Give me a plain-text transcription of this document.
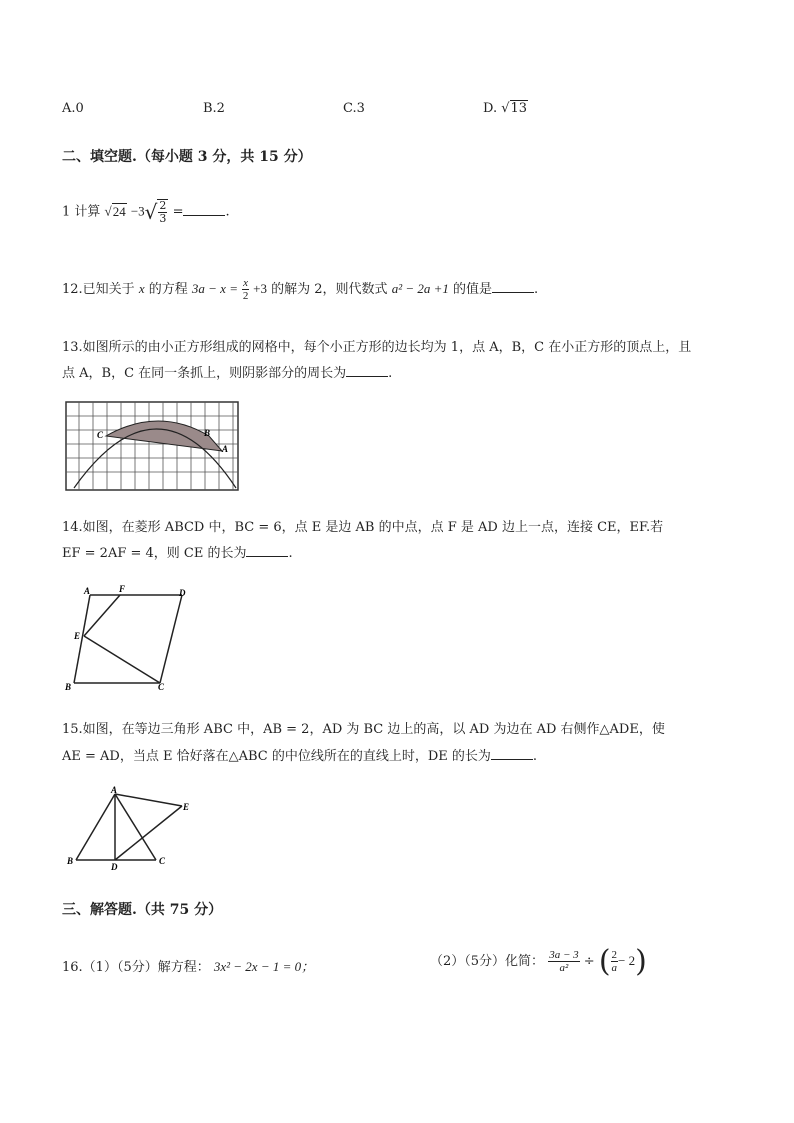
A.0	B.2	C.3	D. √13
二、填空题.（每小题 3 分，共 15 分）
1 计算 $√24 -3√ \frac{2}{3}$ =	.
12.已知关于 x 的方程 $3a - x = \frac{x}{2} +3$ 的解为 2，则代数式 a² − 2a +1 的值是	.
13.如图所示的由小正方形组成的网格中，每个小正方形的边长均为 1，点 A，B，C 在小正方形的顶点上，且
点 A，B，C 在同一条抓上，则阴影部分的周长为	.
C	B
A
14.如图，在菱形 ABCD 中，BC = 6，点 E 是边 AB 的中点，点 F 是 AD 边上一点，连接 CE，EF.若
EF = 2AF = 4，则 CE 的长为	.
A	F	D
E
B	C
15.如图，在等边三角形 ABC 中，AB = 2，AD 为 BC 边上的高，以 AD 为边在 AD 右侧作△ADE，使
AE = AD，当点 E 恰好落在△ABC 的中位线所在的直线上时，DE 的长为	.
A
E
B
D
C
三、解答题.（共 75 分）
16.（1）（5分）解方程： 3x² − 2x − 1 = 0；	（2）（5分）化简： $\frac{3a - 3}{\text{a²}}$ ÷ ( $\frac{2}{a} - 2$)
